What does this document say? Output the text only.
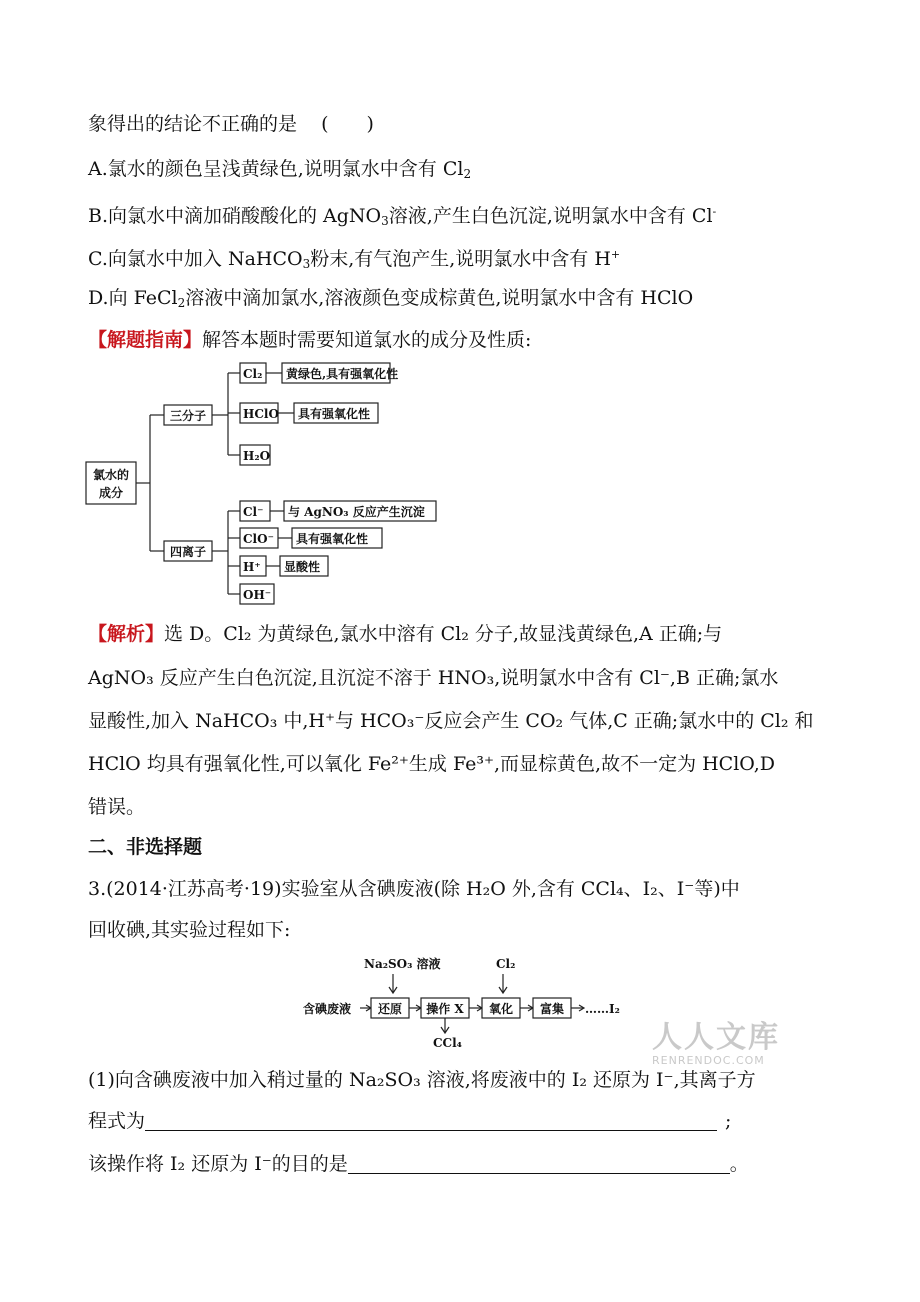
象得出的结论不正确的是 (　　)
A.氯水的颜色呈浅黄绿色,说明氯水中含有 $Cl_2$
B.向氯水中滴加硝酸酸化的 AgNO$_3$溶液,产生白色沉淀,说明氯水中含有 Cl-
C.向氯水中加入 NaHCO$_3$粉末,有气泡产生,说明氯水中含有 H+
D.向 FeCl$_2$溶液中滴加氯水,溶液颜色变成棕黄色,说明氯水中含有 HClO
【解题指南】解答本题时需要知道氯水的成分及性质:
氯水的
成分
三分子
四离子
Cl₂
HClO
H₂O
黄绿色,具有强氧化性
具有强氧化性
Cl⁻
ClO⁻
H⁺
OH⁻
与 AgNO₃ 反应产生沉淀
具有强氧化性
显酸性
【解析】选 D。Cl₂ 为黄绿色,氯水中溶有 Cl₂ 分子,故显浅黄绿色,A 正确;与
AgNO₃ 反应产生白色沉淀,且沉淀不溶于 HNO₃,说明氯水中含有 Cl⁻,B 正确;氯水
显酸性,加入 NaHCO₃ 中,H⁺与 HCO₃⁻反应会产生 CO₂ 气体,C 正确;氯水中的 Cl₂ 和
HClO 均具有强氧化性,可以氧化 Fe²⁺生成 Fe³⁺,而显棕黄色,故不一定为 HClO,D
错误。
二、非选择题
3.(2014·江苏高考·19)实验室从含碘废液(除 H₂O 外,含有 CCl₄、I₂、I⁻等)中
回收碘,其实验过程如下:
Na₂SO₃ 溶液	Cl₂
含碘废液 还原 操作 X 氧化 富集 ……I₂
CCl₄	人人文库
RENRENDOC.COM
(1)向含碘废液中加入稍过量的 Na₂SO₃ 溶液,将废液中的 I₂ 还原为 I⁻,其离子方
程式为	;
该操作将 I₂ 还原为 I⁻的目的是	。
